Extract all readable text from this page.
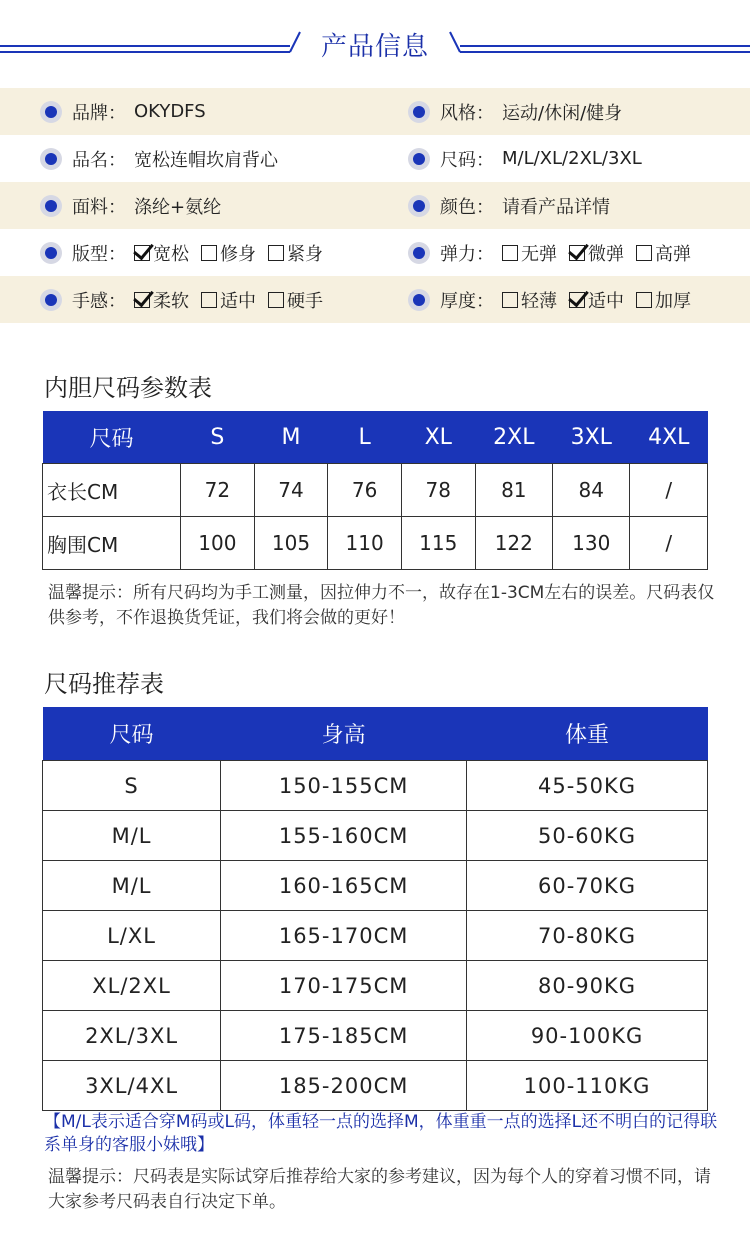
产品信息
品牌： OKYDFS	风格： 运动/休闲/健身
品名： 宽松连帽坎肩背心	尺码： M/L/XL/2XL/3XL
面料： 涤纶+氨纶	颜色： 请看产品详情
版型： 宽松 修身 紧身	弹力： 无弹 微弹 高弹
手感： 柔软 适中 硬手	厚度： 轻薄 适中 加厚
内胆尺码参数表
尺码	S	M	L	XL	2XL	3XL	4XL
衣长CM	72	74	76	78	81	84	/
胸围CM	100	105	110	115	122	130	/
温馨提示：所有尺码均为手工测量，因拉伸力不一，故存在1-3CM左右的误差。尺码表仅供参考，不作退换货凭证，我们将会做的更好！
尺码推荐表
尺码	身高	体重
S	150-155CM	45-50KG
M/L	155-160CM	50-60KG
M/L	160-165CM	60-70KG
L/XL	165-170CM	70-80KG
XL/2XL	170-175CM	80-90KG
2XL/3XL	175-185CM	90-100KG
3XL/4XL	185-200CM	100-110KG
【M/L表示适合穿M码或L码，体重轻一点的选择M，体重重一点的选择L还不明白的记得联系单身的客服小妹哦】
温馨提示：尺码表是实际试穿后推荐给大家的参考建议，因为每个人的穿着习惯不同，请大家参考尺码表自行决定下单。
